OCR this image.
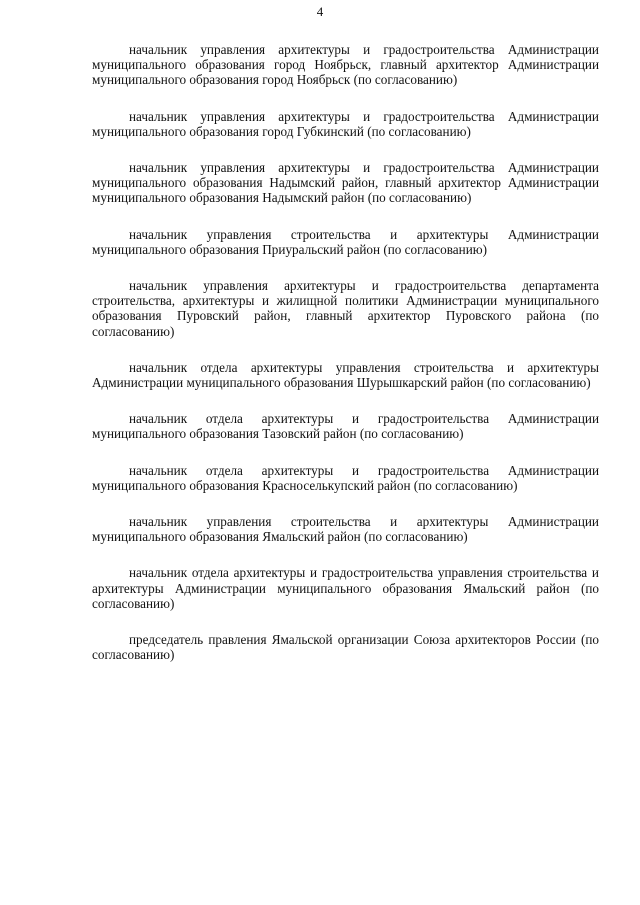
4

начальник управления архитектуры и градостроительства Администрации муниципального образования город Ноябрьск, главный архитектор Администрации муниципального образования город Ноябрьск (по согласованию)

начальник управления архитектуры и градостроительства Администрации муниципального образования город Губкинский (по согласованию)

начальник управления архитектуры и градостроительства Администрации муниципального образования Надымский район, главный архитектор Администрации муниципального образования Надымский район (по согласованию)

начальник управления строительства и архитектуры Администрации муниципального образования Приуральский район (по согласованию)

начальник управления архитектуры и градостроительства департамента строительства, архитектуры и жилищной политики Администрации муниципального образования Пуровский район, главный архитектор Пуровского района (по согласованию)

начальник отдела архитектуры управления строительства и архитектуры Администрации муниципального образования Шурышкарский район (по согласованию)

начальник отдела архитектуры и градостроительства Администрации муниципального образования Тазовский район (по согласованию)

начальник отдела архитектуры и градостроительства Администрации муниципального образования Красноселькупский район (по согласованию)

начальник управления строительства и архитектуры Администрации муниципального образования Ямальский район (по согласованию)

начальник отдела архитектуры и градостроительства управления строительства и архитектуры Администрации муниципального образования Ямальский район (по согласованию)

председатель правления Ямальской организации Союза архитекторов России (по согласованию)
